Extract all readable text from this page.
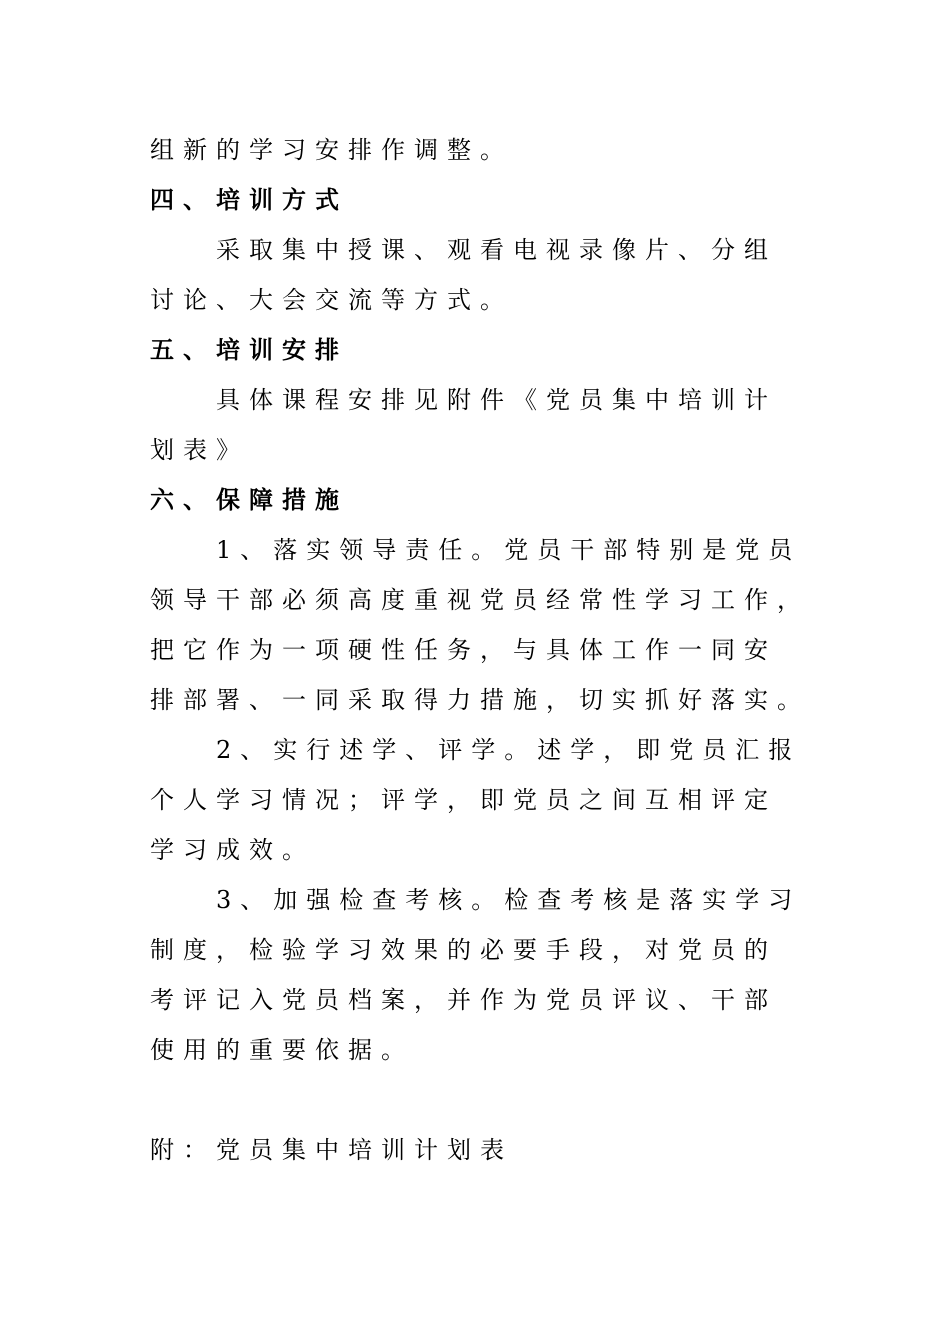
组新的学习安排作调整。
四、培训方式
采取集中授课、观看电视录像片、分组
讨论、大会交流等方式。
五、培训安排
具体课程安排见附件《党员集中培训计
划表》
六、保障措施
1、落实领导责任。党员干部特别是党员
领导干部必须高度重视党员经常性学习工作，
把它作为一项硬性任务，与具体工作一同安
排部署、一同采取得力措施，切实抓好落实。
2、实行述学、评学。述学，即党员汇报
个人学习情况；评学，即党员之间互相评定
学习成效。
3、加强检查考核。检查考核是落实学习
制度，检验学习效果的必要手段，对党员的
考评记入党员档案，并作为党员评议、干部
使用的重要依据。
附：党员集中培训计划表
